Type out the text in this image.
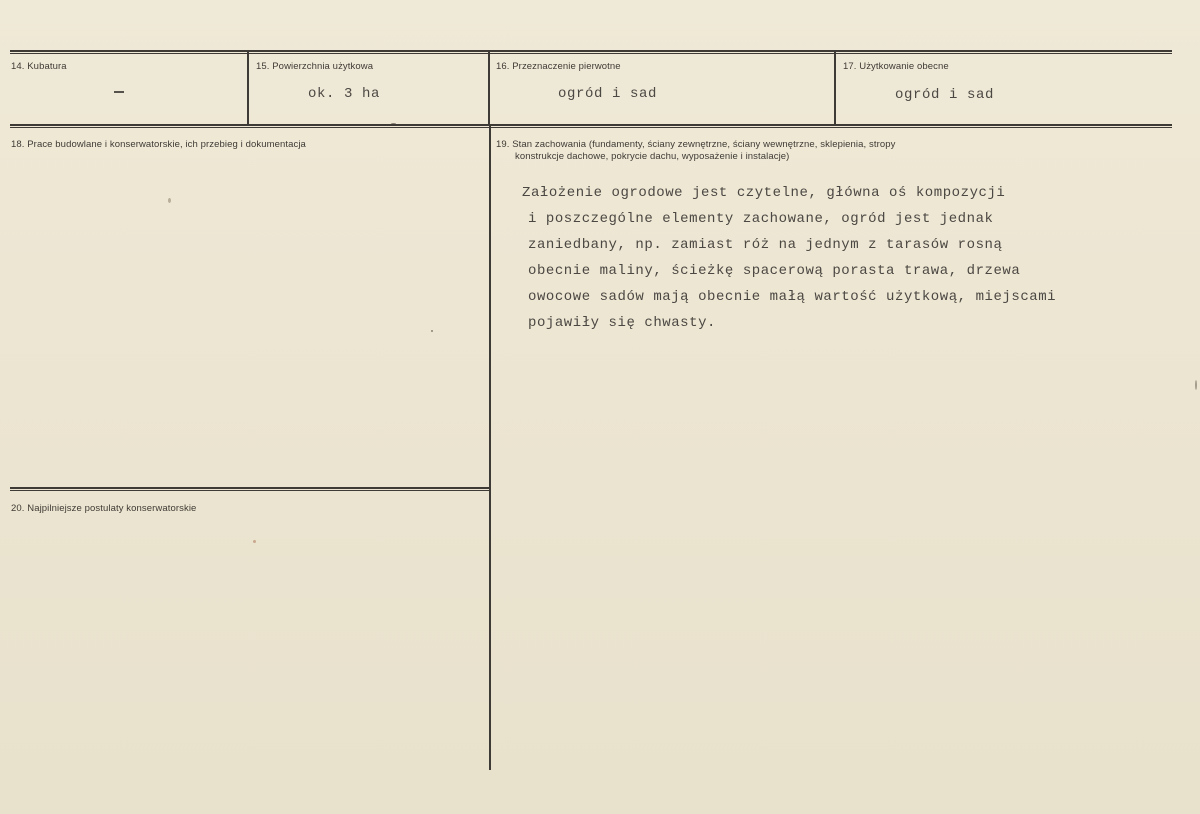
14. Kubatura	15. Powierzchnia użytkowa
ok. 3 ha
16. Przeznaczenie pierwotne
ogród i sad
17. Użytkowanie obecne
ogród i sad
18. Prace budowlane i konserwatorskie, ich przebieg i dokumentacja	19. Stan zachowania (fundamenty, ściany zewnętrzne, ściany wewnętrzne, sklepienia, stropy
konstrukcje dachowe, pokrycie dachu, wyposażenie i instalacje)
Założenie ogrodowe jest czytelne, główna oś kompozycji
i poszczególne elementy zachowane, ogród jest jednak
zaniedbany, np. zamiast róż na jednym z tarasów rosną
obecnie maliny, ścieżkę spacerową porasta trawa, drzewa
owocowe sadów mają obecnie małą wartość użytkową, miejscami
pojawiły się chwasty.
20. Najpilniejsze postulaty konserwatorskie
